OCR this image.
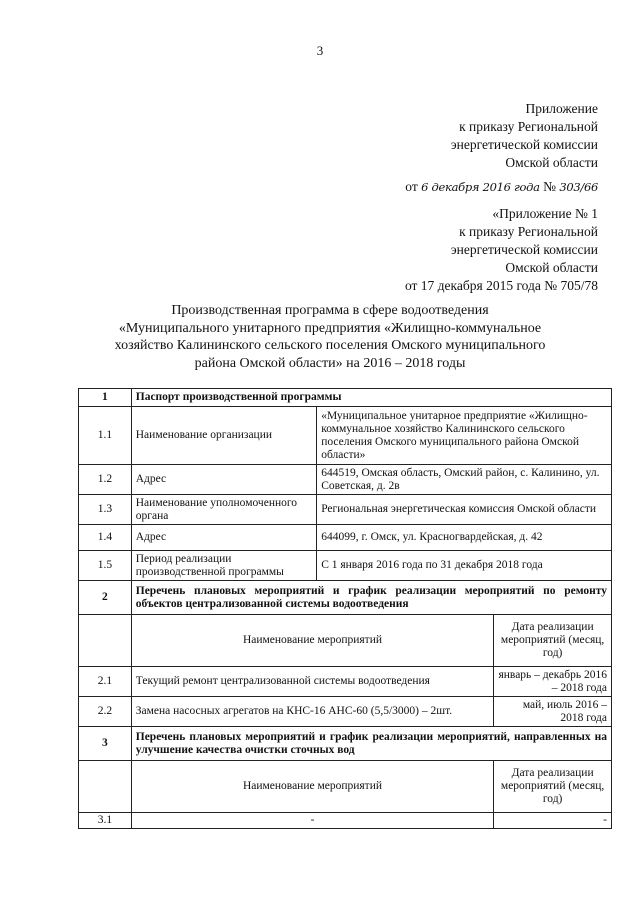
3
Приложение
к приказу Региональной
энергетической комиссии
Омской области
от 6 декабря 2016 года № 303/66
«Приложение № 1
к приказу Региональной
энергетической комиссии
Омской области
от 17 декабря 2015 года № 705/78
Производственная программа в сфере водоотведения
«Муниципального унитарного предприятия «Жилищно-коммунальное
хозяйство Калининского сельского поселения Омского муниципального
района Омской области» на 2016 – 2018 годы
1	Паспорт производственной программы		
1.1	Наименование организации	«Муниципальное унитарное предприятие «Жилищно-коммунальное хозяйство Калининского сельского поселения Омского муниципального района Омской области»	
1.2	Адрес	644519, Омская область, Омский район, с. Калинино, ул. Советская, д. 2в	
1.3	Наименование уполномоченного органа	Региональная энергетическая комиссия Омской области	
1.4	Адрес	644099, г. Омск, ул. Красногвардейская, д. 42	
1.5	Период реализации производственной программы	С 1 января 2016 года по 31 декабря 2018 года	
2	Перечень плановых мероприятий и график реализации мероприятий по ремонту объектов централизованной системы водоотведения		
	Наименование мероприятий		Дата реализации мероприятий (месяц, год)
2.1	Текущий ремонт централизованной системы водоотведения		январь – декабрь 2016 – 2018 года
2.2	Замена насосных агрегатов на КНС-16 АНС-60 (5,5/3000) – 2шт.		май, июль 2016 – 2018 года
3	Перечень плановых мероприятий и график реализации мероприятий, направленных на улучшение качества очистки сточных вод		
	Наименование мероприятий		Дата реализации мероприятий (месяц, год)
3.1	-		-
